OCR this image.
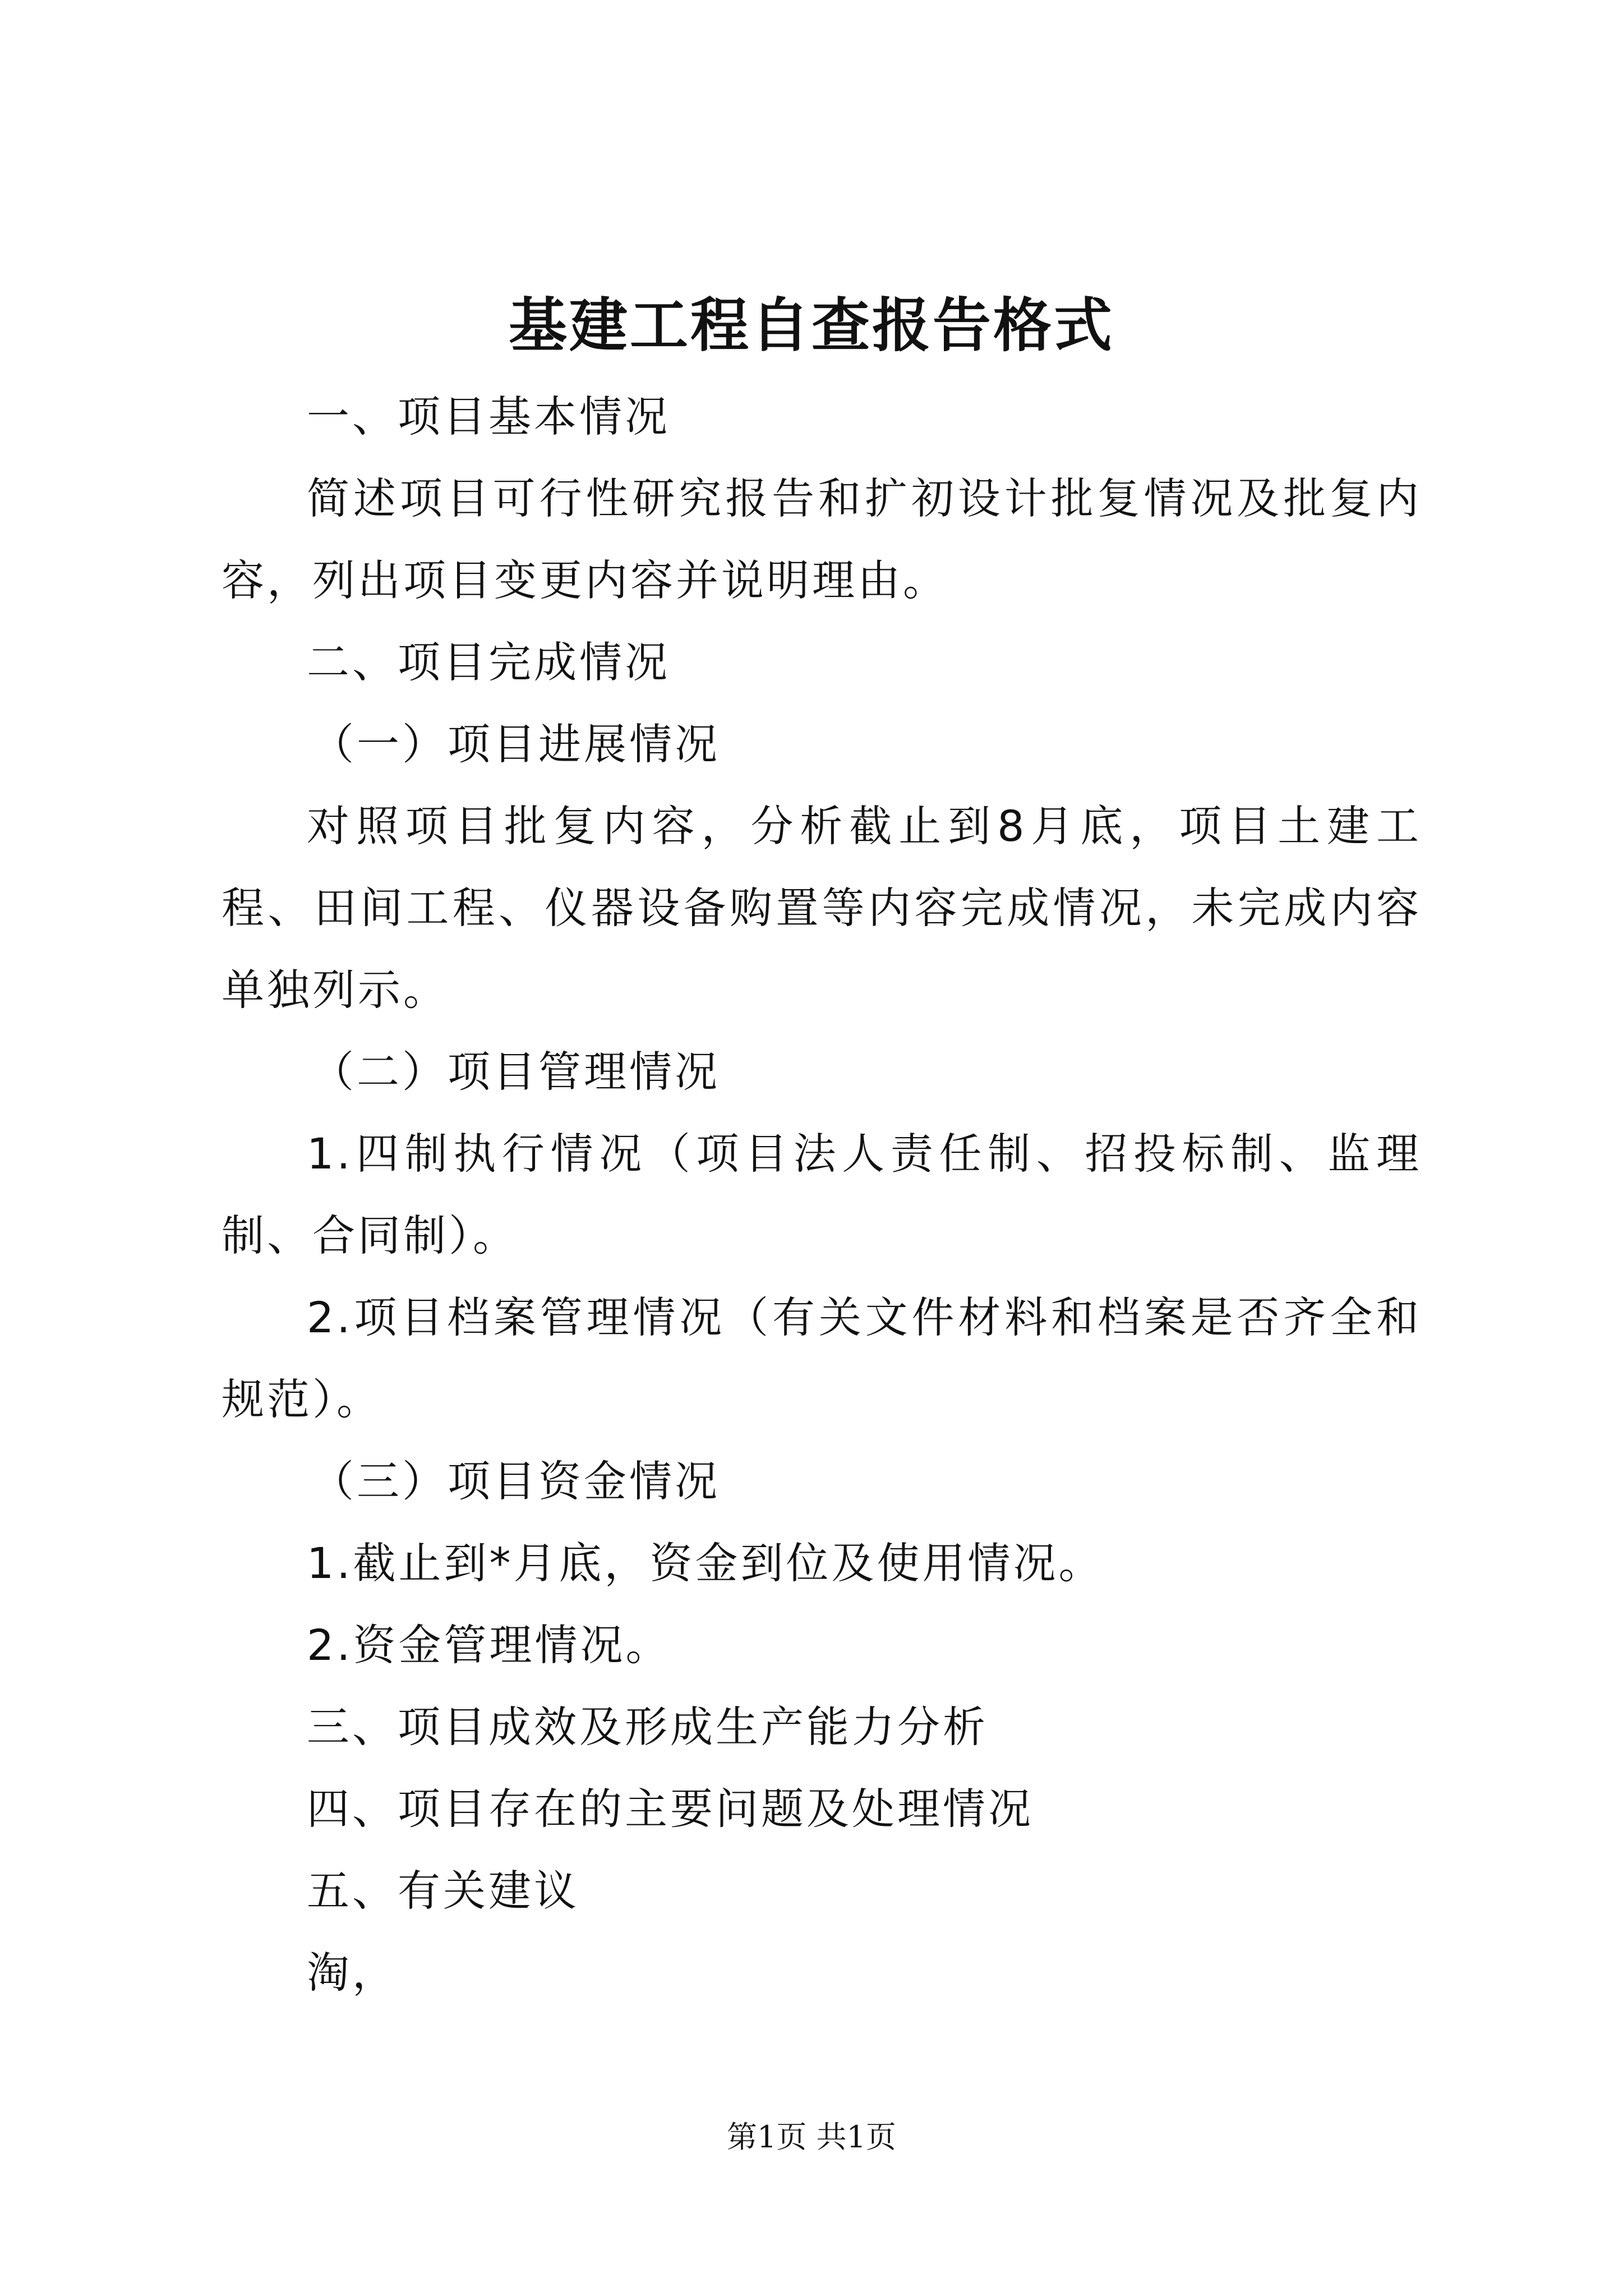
基建工程自查报告格式

一、项目基本情况

简述项目可行性研究报告和扩初设计批复情况及批复内容，列出项目变更内容并说明理由。

二、项目完成情况

（一）项目进展情况

对照项目批复内容，分析截止到8月底，项目土建工程、田间工程、仪器设备购置等内容完成情况，未完成内容单独列示。

（二）项目管理情况

1.四制执行情况（项目法人责任制、招投标制、监理制、合同制）。

2.项目档案管理情况（有关文件材料和档案是否齐全和规范）。

（三）项目资金情况

1.截止到*月底，资金到位及使用情况。

2.资金管理情况。

三、项目成效及形成生产能力分析

四、项目存在的主要问题及处理情况

五、有关建议

淘，

第1页 共1页
